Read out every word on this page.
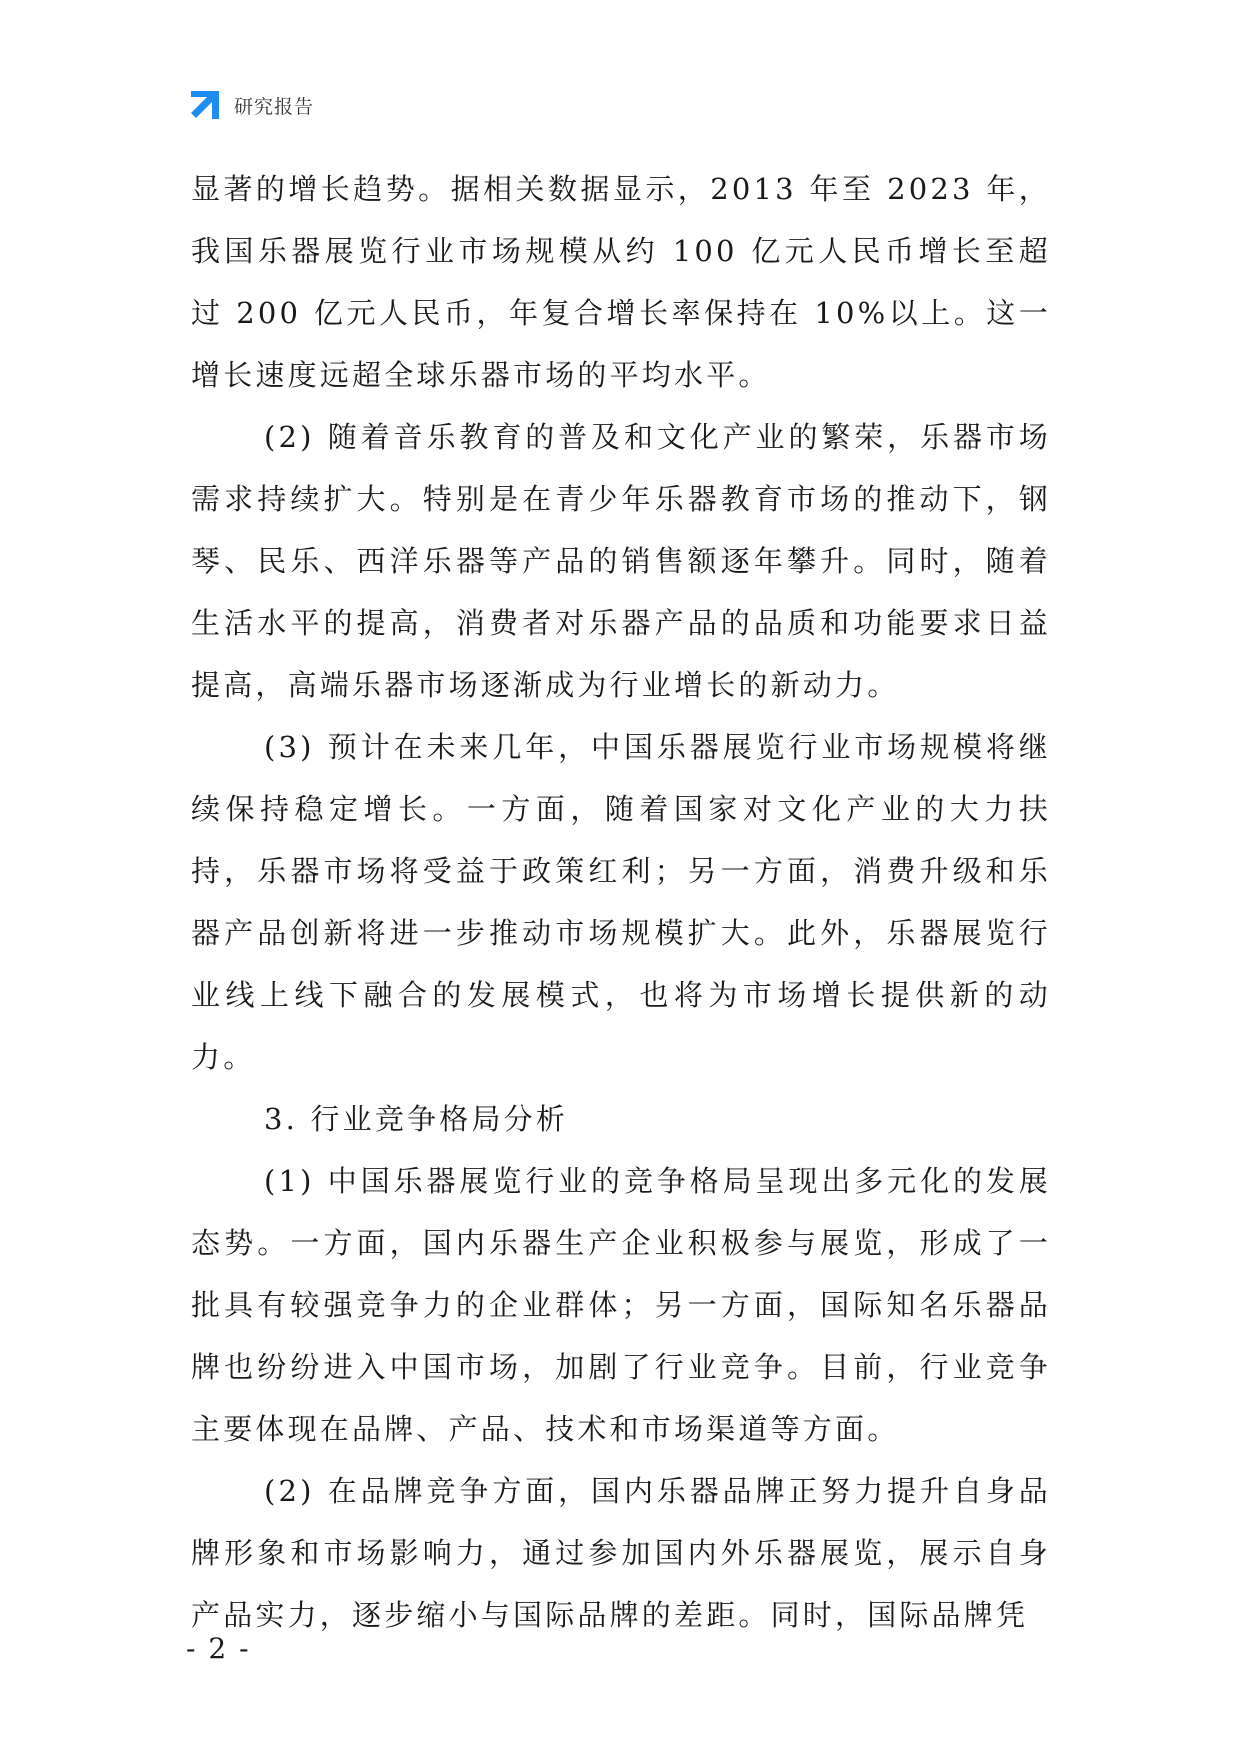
研究报告

显著的增长趋势。据相关数据显示，2013 年至 2023 年，我国乐器展览行业市场规模从约 100 亿元人民币增长至超过 200 亿元人民币，年复合增长率保持在 10%以上。这一增长速度远超全球乐器市场的平均水平。

(2) 随着音乐教育的普及和文化产业的繁荣，乐器市场需求持续扩大。特别是在青少年乐器教育市场的推动下，钢琴、民乐、西洋乐器等产品的销售额逐年攀升。同时，随着生活水平的提高，消费者对乐器产品的品质和功能要求日益提高，高端乐器市场逐渐成为行业增长的新动力。

(3) 预计在未来几年，中国乐器展览行业市场规模将继续保持稳定增长。一方面，随着国家对文化产业的大力扶持，乐器市场将受益于政策红利；另一方面，消费升级和乐器产品创新将进一步推动市场规模扩大。此外，乐器展览行业线上线下融合的发展模式，也将为市场增长提供新的动力。

3. 行业竞争格局分析

(1) 中国乐器展览行业的竞争格局呈现出多元化的发展态势。一方面，国内乐器生产企业积极参与展览，形成了一批具有较强竞争力的企业群体；另一方面，国际知名乐器品牌也纷纷进入中国市场，加剧了行业竞争。目前，行业竞争主要体现在品牌、产品、技术和市场渠道等方面。

(2) 在品牌竞争方面，国内乐器品牌正努力提升自身品牌形象和市场影响力，通过参加国内外乐器展览，展示自身产品实力，逐步缩小与国际品牌的差距。同时，国际品牌凭

- 2 -
